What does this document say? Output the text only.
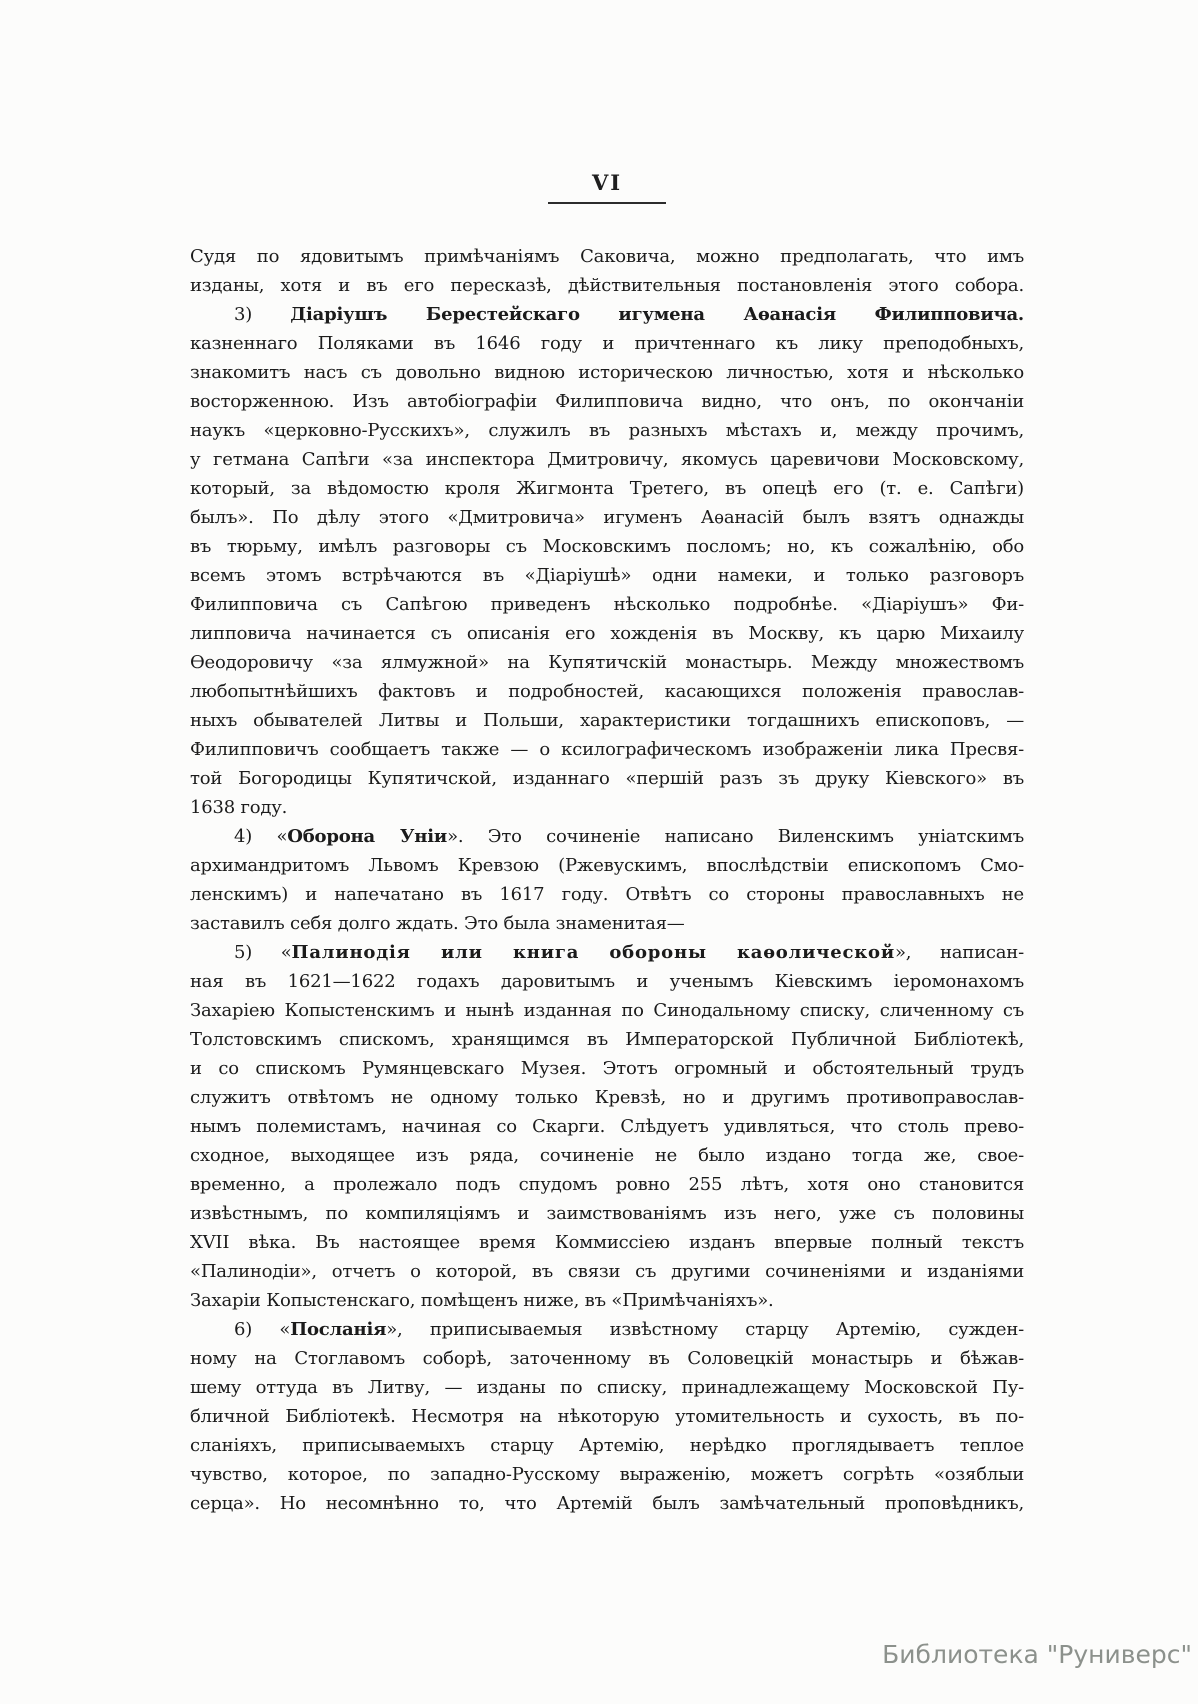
VI
Судя по ядовитымъ примѣчаніямъ Саковича, можно предполагать, что имъ
изданы, хотя и въ его пересказѣ, дѣйствительныя постановленія этого собора.
3) Діаріушъ Берестейскаго игумена Аѳанасія Филипповича.
казненнаго Поляками въ 1646 году и причтеннаго къ лику преподобныхъ,
знакомитъ насъ съ довольно видною историческою личностью, хотя и нѣсколько
восторженною. Изъ автобіографіи Филипповича видно, что онъ, по окончаніи
наукъ «церковно-Русскихъ», служилъ въ разныхъ мѣстахъ и, между прочимъ,
у гетмана Сапѣги «за инспектора Дмитровичу, якомусь царевичови Московскому,
который, за вѣдомостю кроля Жигмонта Третего, въ опецѣ его (т. е. Сапѣги)
былъ». По дѣлу этого «Дмитровича» игуменъ Аѳанасій былъ взятъ однажды
въ тюрьму, имѣлъ разговоры съ Московскимъ посломъ; но, къ сожалѣнію, обо
всемъ этомъ встрѣчаются въ «Діаріушѣ» одни намеки, и только разговоръ
Филипповича съ Сапѣгою приведенъ нѣсколько подробнѣе. «Діаріушъ» Фи-
липповича начинается съ описанія его хожденія въ Москву, къ царю Михаилу
Ѳеодоровичу «за ялмужной» на Купятичскій монастырь. Между множествомъ
любопытнѣйшихъ фактовъ и подробностей, касающихся положенія православ-
ныхъ обывателей Литвы и Польши, характеристики тогдашнихъ епископовъ, —
Филипповичъ сообщаетъ также — о ксилографическомъ изображеніи лика Пресвя-
той Богородицы Купятичской, изданнаго «першій разъ зъ друку Кіевского» въ
1638 году.
4) «Оборона Уніи». Это сочиненіе написано Виленскимъ уніатскимъ
архимандритомъ Львомъ Кревзою (Ржевускимъ, впослѣдствіи епископомъ Смо-
ленскимъ) и напечатано въ 1617 году. Отвѣтъ со стороны православныхъ не
заставилъ себя долго ждать. Это была знаменитая—
5) «Палинодія или книга обороны каѳолической», написан-
ная въ 1621—1622 годахъ даровитымъ и ученымъ Кіевскимъ іеромонахомъ
Захаріею Копыстенскимъ и нынѣ изданная по Синодальному списку, сличенному съ
Толстовскимъ спискомъ, хранящимся въ Императорской Публичной Библіотекѣ,
и со спискомъ Румянцевскаго Музея. Этотъ огромный и обстоятельный трудъ
служитъ отвѣтомъ не одному только Кревзѣ, но и другимъ противоправослав-
нымъ полемистамъ, начиная со Скарги. Слѣдуетъ удивляться, что столь прево-
сходное, выходящее изъ ряда, сочиненіе не было издано тогда же, свое-
временно, а пролежало подъ спудомъ ровно 255 лѣтъ, хотя оно становится
извѣстнымъ, по компиляціямъ и заимствованіямъ изъ него, уже съ половины
XVII вѣка. Въ настоящее время Коммиссіею изданъ впервые полный текстъ
«Палинодіи», отчетъ о которой, въ связи съ другими сочиненіями и изданіями
Захаріи Копыстенскаго, помѣщенъ ниже, въ «Примѣчаніяхъ».
6) «Посланія», приписываемыя извѣстному старцу Артемію, сужден-
ному на Стоглавомъ соборѣ, заточенному въ Соловецкій монастырь и бѣжав-
шему оттуда въ Литву, — изданы по списку, принадлежащему Московской Пу-
бличной Библіотекѣ. Несмотря на нѣкоторую утомительность и сухость, въ по-
сланіяхъ, приписываемыхъ старцу Артемію, нерѣдко проглядываетъ теплое
чувство, которое, по западно-Русскому выраженію, можетъ согрѣть «озяблыи
серца». Но несомнѣнно то, что Артемій былъ замѣчательный проповѣдникъ,
Библиотека "Руниверс"
